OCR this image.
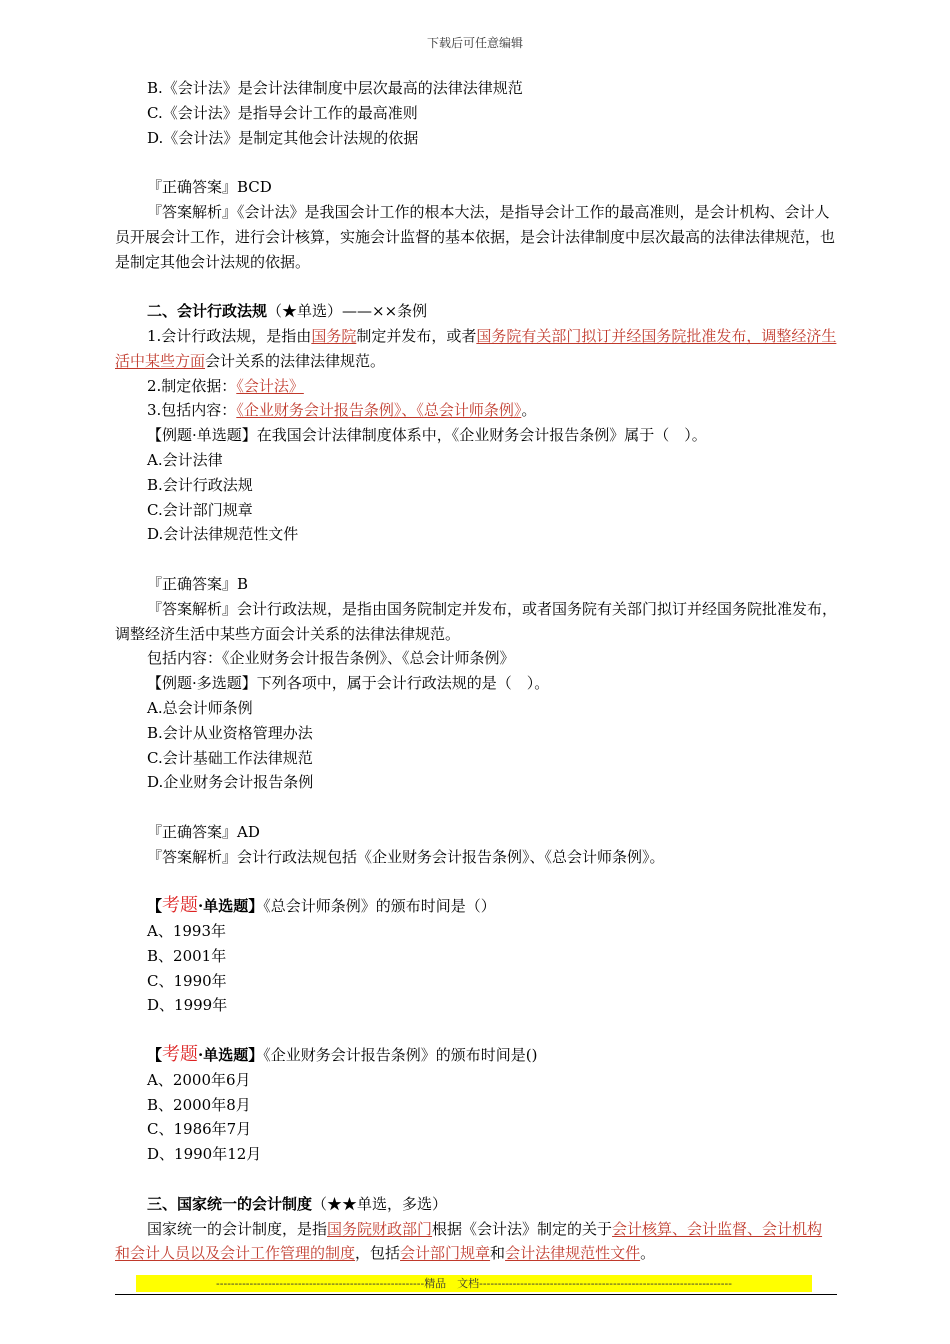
下载后可任意编辑
B.《会计法》是会计法律制度中层次最高的法律法律规范
C.《会计法》是指导会计工作的最高准则
D.《会计法》是制定其他会计法规的依据
『正确答案』BCD
『答案解析』《会计法》是我国会计工作的根本大法，是指导会计工作的最高准则，是会计机构、会计人员开展会计工作，进行会计核算，实施会计监督的基本依据，是会计法律制度中层次最高的法律法律规范，也是制定其他会计法规的依据。
二、会计行政法规（★单选）——××条例
1.会计行政法规，是指由国务院制定并发布，或者国务院有关部门拟订并经国务院批准发布，调整经济生活中某些方面会计关系的法律法律规范。
2.制定依据：《会计法》
3.包括内容：《企业财务会计报告条例》、《总会计师条例》。
【例题·单选题】在我国会计法律制度体系中，《企业财务会计报告条例》属于（　）。
A.会计法律
B.会计行政法规
C.会计部门规章
D.会计法律规范性文件
『正确答案』B
『答案解析』会计行政法规，是指由国务院制定并发布，或者国务院有关部门拟订并经国务院批准发布，调整经济生活中某些方面会计关系的法律法律规范。
包括内容：《企业财务会计报告条例》、《总会计师条例》
【例题·多选题】下列各项中，属于会计行政法规的是（　）。
A.总会计师条例
B.会计从业资格管理办法
C.会计基础工作法律规范
D.企业财务会计报告条例
『正确答案』AD
『答案解析』会计行政法规包括《企业财务会计报告条例》、《总会计师条例》。
【考题·单选题】《总会计师条例》的颁布时间是（）
A、1993年
B、2001年
C、1990年
D、1999年
【考题·单选题】《企业财务会计报告条例》的颁布时间是()
A、2000年6月
B、2000年8月
C、1986年7月
D、1990年12月
三、国家统一的会计制度（★★单选，多选）
国家统一的会计制度，是指国务院财政部门根据《会计法》制定的关于会计核算、会计监督、会计机构和会计人员以及会计工作管理的制度，包括会计部门规章和会计法律规范性文件。
--------------------------------------------------------精品　文档--------------------------------------------------------------------
